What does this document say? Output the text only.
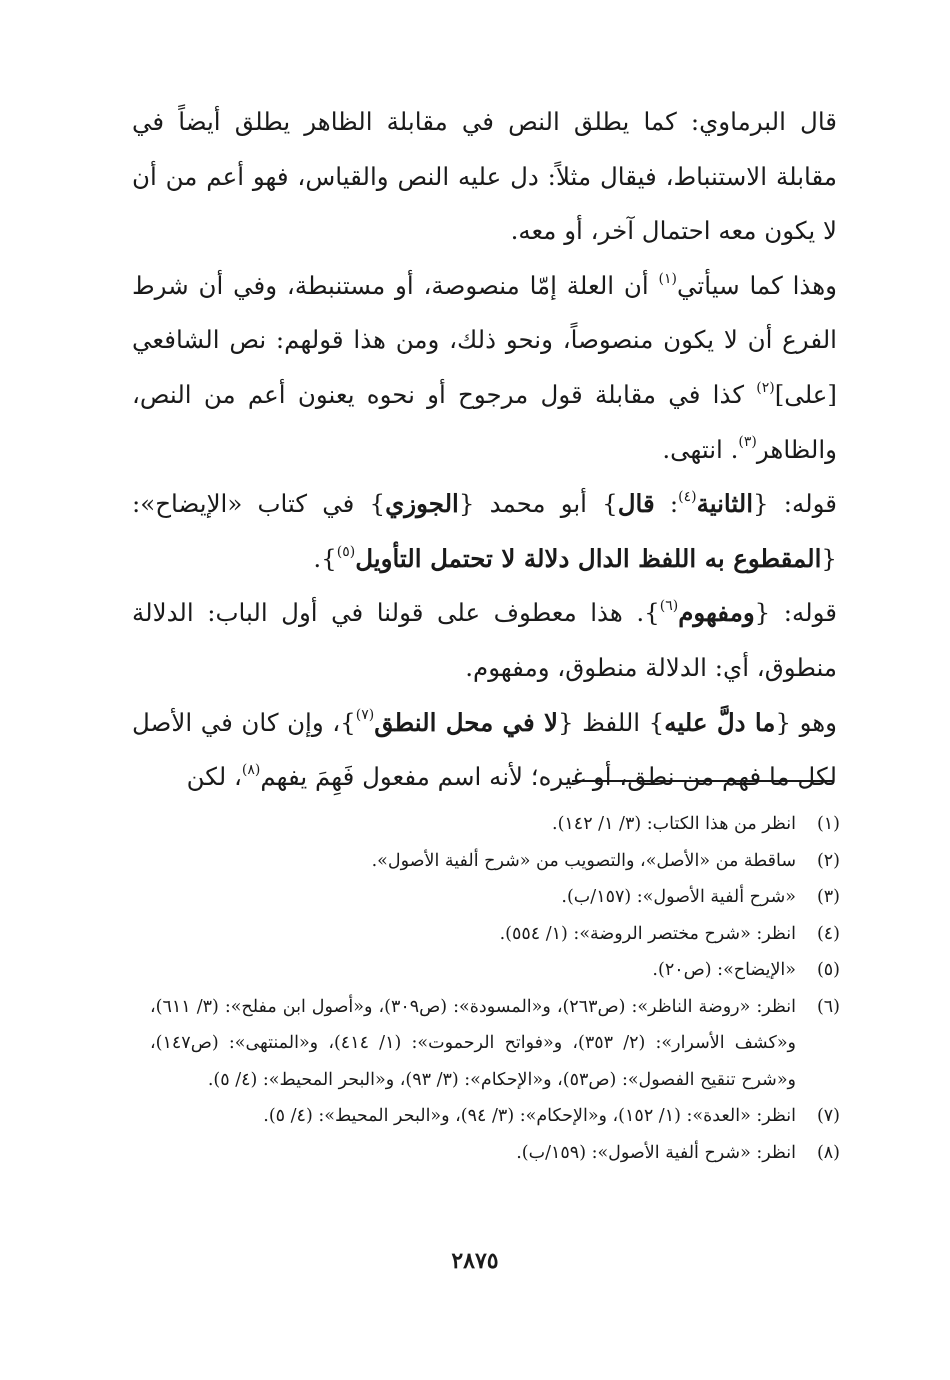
قال البرماوي: كما يطلق النص في مقابلة الظاهر يطلق أيضاً في مقابلة الاستنباط، فيقال مثلاً: دل عليه النص والقياس، فهو أعم من أن لا يكون معه احتمال آخر، أو معه.

وهذا كما سيأتي$^{(١)}$ أن العلة إمّا منصوصة، أو مستنبطة، وفي أن شرط الفرع أن لا يكون منصوصاً، ونحو ذلك، ومن هذا قولهم: نص الشافعي [على]$^{(٢)}$ كذا في مقابلة قول مرجوح أو نحوه يعنون أعم من النص، والظاهر$^{(٣)}$. انتهى.

قوله: {الثانية$^{(٤)}$: قال} أبو محمد {الجوزي} في كتاب «الإيضاح»: {المقطوع به اللفظ الدال دلالة لا تحتمل التأويل$^{(٥)}$}.

قوله: {ومفهوم$^{(٦)}$}. هذا معطوف على قولنا في أول الباب: الدلالة منطوق، أي: الدلالة منطوق، ومفهوم.

وهو {ما دلَّ عليه} اللفظ {لا في محل النطق$^{(٧)}$}، وإن كان في الأصل لكل ما فهم من نطق، أو غيره؛ لأنه اسم مفعول فَهِمَ يفهم$^{(٨)}$، لكن

(١)
انظر من هذا الكتاب: (٣/ ١/ ١٤٢).
(٢)
ساقطة من «الأصل»، والتصويب من «شرح ألفية الأصول».
(٣)
«شرح ألفية الأصول»: (١٥٧/ب).
(٤)
انظر: «شرح مختصر الروضة»: (١/ ٥٥٤).
(٥)
«الإيضاح»: (ص٢٠).
(٦)
انظر: «روضة الناظر»: (ص٢٦٣)، و«المسودة»: (ص٣٠٩)، و«أصول ابن مفلح»: (٣/ ٦١١)، و«كشف الأسرار»: (٢/ ٣٥٣)، و«فواتح الرحموت»: (١/ ٤١٤)، و«المنتهى»: (ص١٤٧)، و«شرح تنقيح الفصول»: (ص٥٣)، و«الإحكام»: (٣/ ٩٣)، و«البحر المحيط»: (٤/ ٥).
(٧)
انظر: «العدة»: (١/ ١٥٢)، و«الإحكام»: (٣/ ٩٤)، و«البحر المحيط»: (٤/ ٥).
(٨)
انظر: «شرح ألفية الأصول»: (١٥٩/ب).
٢٨٧٥
